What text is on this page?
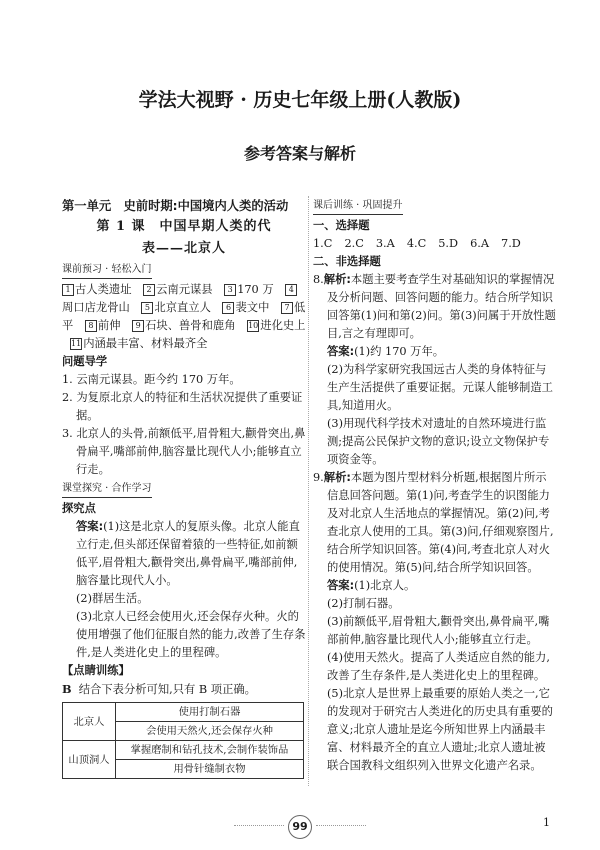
学法大视野 · 历史七年级上册(人教版)
参考答案与解析
第一单元　史前时期:中国境内人类的活动
第 1 课　中国早期人类的代
表——北京人
课前预习 · 轻松入门
1 古人类遗址 2 云南元谋县 3 170 万 4周口店龙骨山 5 北京直立人 6 裴文中 7 低平 8 前伸 9 石块、兽骨和鹿角 10 进化史上 11 内涵最丰富、材料最齐全
问题导学
1. 云南元谋县。距今约 170 万年。
2. 为复原北京人的特征和生活状况提供了重要证据。
3. 北京人的头骨,前额低平,眉骨粗大,颧骨突出,鼻骨扁平,嘴部前伸,脑容量比现代人小;能够直立行走。
课堂探究 · 合作学习
探究点
答案:(1)这是北京人的复原头像。北京人能直立行走,但头部还保留着猿的一些特征,如前额低平,眉骨粗大,颧骨突出,鼻骨扁平,嘴部前伸,脑容量比现代人小。
(2)群居生活。
(3)北京人已经会使用火,还会保存火种。火的使用增强了他们征服自然的能力,改善了生存条件,是人类进化史上的里程碑。
【点睛训练】
B 结合下表分析可知,只有 B 项正确。
北京人	使用打制石器
	会使用天然火,还会保存火种
山顶洞人	掌握磨制和钻孔技术,会制作装饰品
	用骨针缝制衣物
课后训练 · 巩固提升
一、选择题
1.C 2.C 3.A 4.C 5.D 6.A 7.D
二、非选择题
8.解析:本题主要考查学生对基础知识的掌握情况及分析问题、回答问题的能力。结合所学知识回答第(1)问和第(2)问。第(3)问属于开放性题目,言之有理即可。
答案:(1)约 170 万年。
(2)为科学家研究我国远古人类的身体特征与生产生活提供了重要证据。元谋人能够制造工具,知道用火。
(3)用现代科学技术对遗址的自然环境进行监测;提高公民保护文物的意识;设立文物保护专项资金等。
9.解析:本题为图片型材料分析题,根据图片所示信息回答问题。第(1)问,考查学生的识图能力及对北京人生活地点的掌握情况。第(2)问,考查北京人使用的工具。第(3)问,仔细观察图片,结合所学知识回答。第(4)问,考查北京人对火的使用情况。第(5)问,结合所学知识回答。
答案:(1)北京人。
(2)打制石器。
(3)前额低平,眉骨粗大,颧骨突出,鼻骨扁平,嘴部前伸,脑容量比现代人小;能够直立行走。
(4)使用天然火。提高了人类适应自然的能力,改善了生存条件,是人类进化史上的里程碑。
(5)北京人是世界上最重要的原始人类之一,它的发现对于研究古人类进化的历史具有重要的意义;北京人遗址是迄今所知世界上内涵最丰富、材料最齐全的直立人遗址;北京人遗址被联合国教科文组织列入世界文化遗产名录。
99	1
